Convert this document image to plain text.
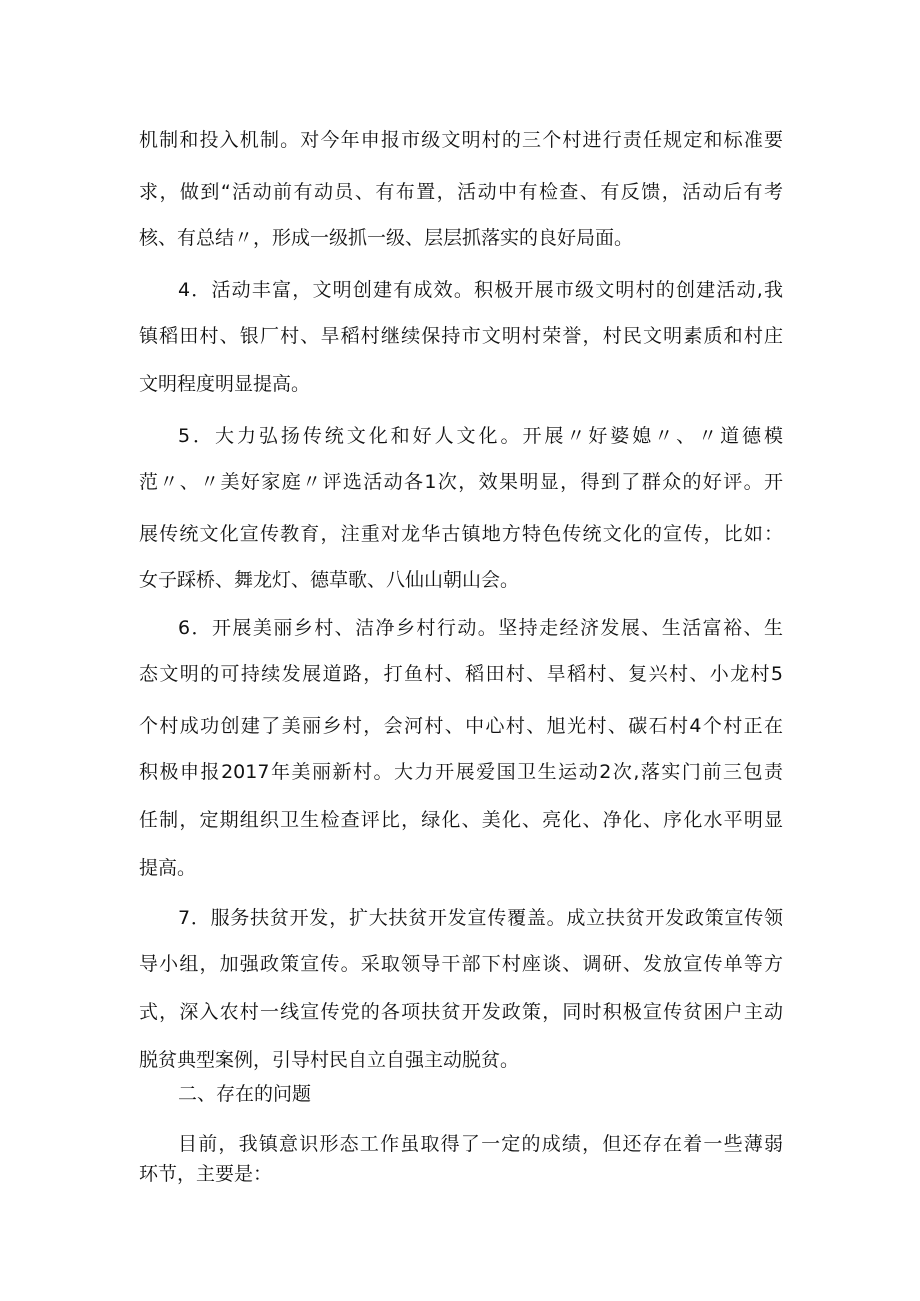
机制和投入机制。对今年申报市级文明村的三个村进行责任规定和标准要
求，做到“活动前有动员、有布置，活动中有检查、有反馈，活动后有考
核、有总结〃，形成一级抓一级、层层抓落实的良好局面。
4．活动丰富，文明创建有成效。积极开展市级文明村的创建活动,我
镇稻田村、银厂村、旱稻村继续保持市文明村荣誉，村民文明素质和村庄
文明程度明显提高。
5．大力弘扬传统文化和好人文化。开展〃好婆媳〃、〃道德模
范〃、〃美好家庭〃评选活动各1次，效果明显，得到了群众的好评。开
展传统文化宣传教育，注重对龙华古镇地方特色传统文化的宣传，比如：
女子踩桥、舞龙灯、德草歌、八仙山朝山会。
6．开展美丽乡村、洁净乡村行动。坚持走经济发展、生活富裕、生
态文明的可持续发展道路，打鱼村、稻田村、旱稻村、复兴村、小龙村5
个村成功创建了美丽乡村，会河村、中心村、旭光村、碳石村4个村正在
积极申报2017年美丽新村。大力开展爱国卫生运动2次,落实门前三包责
任制，定期组织卫生检查评比，绿化、美化、亮化、净化、序化水平明显
提高。
7．服务扶贫开发，扩大扶贫开发宣传覆盖。成立扶贫开发政策宣传领
导小组，加强政策宣传。采取领导干部下村座谈、调研、发放宣传单等方
式，深入农村一线宣传党的各项扶贫开发政策，同时积极宣传贫困户主动
脱贫典型案例，引导村民自立自强主动脱贫。
二、存在的问题
目前，我镇意识形态工作虽取得了一定的成绩，但还存在着一些薄弱
环节，主要是：
